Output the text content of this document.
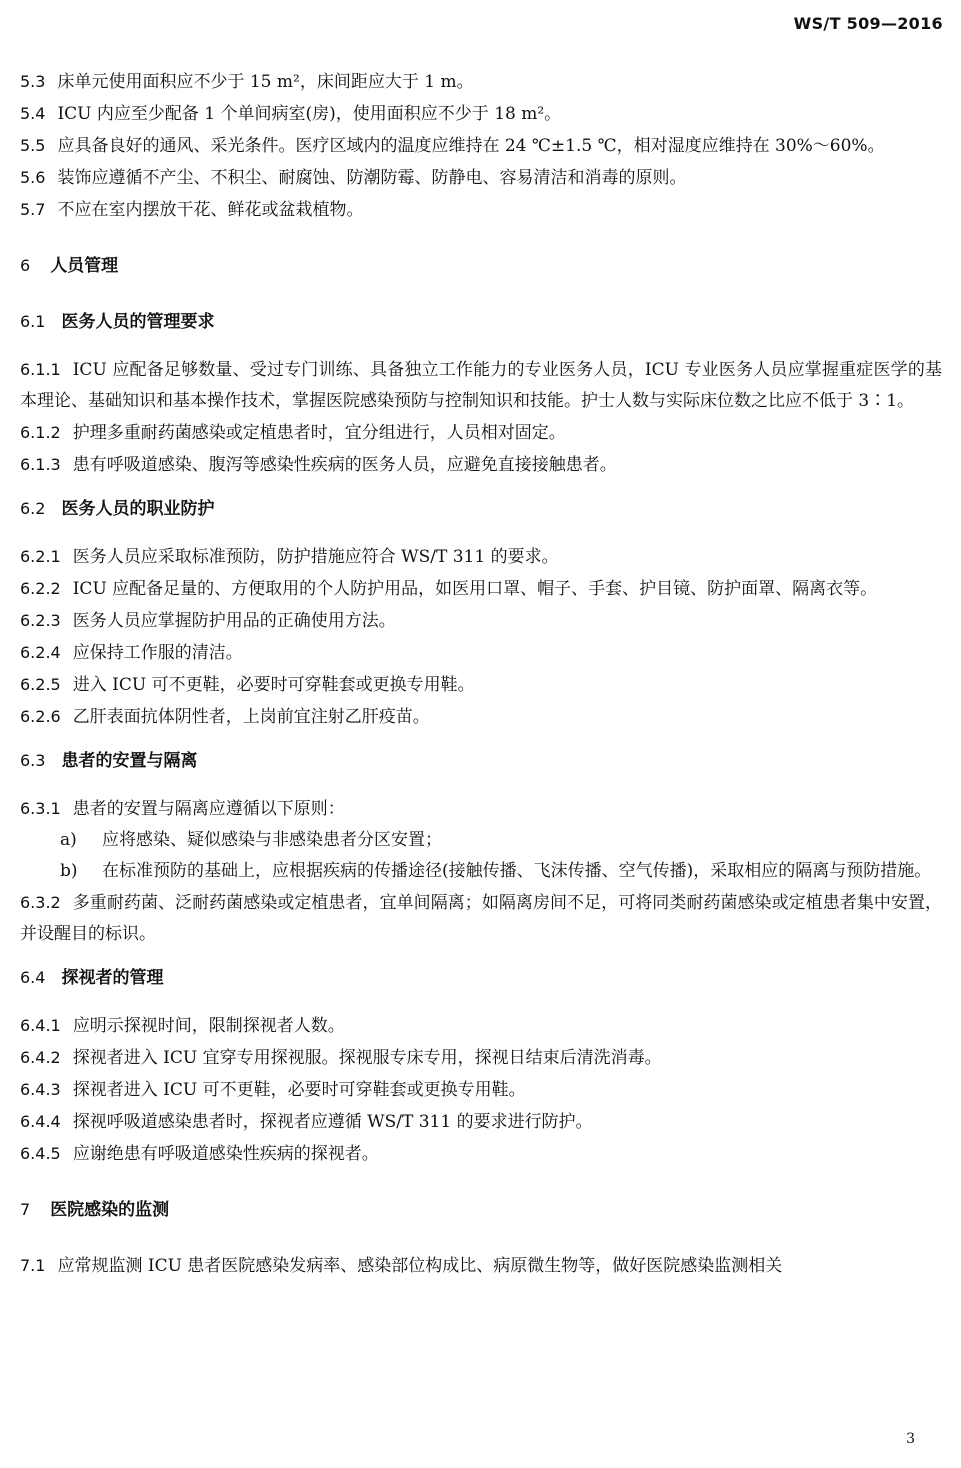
WS/T 509—2016

5.3 床单元使用面积应不少于 15 m²，床间距应大于 1 m。

5.4 ICU 内应至少配备 1 个单间病室(房)，使用面积应不少于 18 m²。

5.5 应具备良好的通风、采光条件。医疗区域内的温度应维持在 24 ℃±1.5 ℃，相对湿度应维持在 30%～60%。

5.6 装饰应遵循不产尘、不积尘、耐腐蚀、防潮防霉、防静电、容易清洁和消毒的原则。

5.7 不应在室内摆放干花、鲜花或盆栽植物。

6 人员管理

6.1 医务人员的管理要求

6.1.1 ICU 应配备足够数量、受过专门训练、具备独立工作能力的专业医务人员，ICU 专业医务人员应掌握重症医学的基本理论、基础知识和基本操作技术，掌握医院感染预防与控制知识和技能。护士人数与实际床位数之比应不低于 3∶1。

6.1.2 护理多重耐药菌感染或定植患者时，宜分组进行，人员相对固定。

6.1.3 患有呼吸道感染、腹泻等感染性疾病的医务人员，应避免直接接触患者。

6.2 医务人员的职业防护

6.2.1 医务人员应采取标准预防，防护措施应符合 WS/T 311 的要求。

6.2.2 ICU 应配备足量的、方便取用的个人防护用品，如医用口罩、帽子、手套、护目镜、防护面罩、隔离衣等。

6.2.3 医务人员应掌握防护用品的正确使用方法。

6.2.4 应保持工作服的清洁。

6.2.5 进入 ICU 可不更鞋，必要时可穿鞋套或更换专用鞋。

6.2.6 乙肝表面抗体阴性者，上岗前宜注射乙肝疫苗。

6.3 患者的安置与隔离

6.3.1 患者的安置与隔离应遵循以下原则：

a) 应将感染、疑似感染与非感染患者分区安置；

b) 在标准预防的基础上，应根据疾病的传播途径(接触传播、飞沫传播、空气传播)，采取相应的隔离与预防措施。

6.3.2 多重耐药菌、泛耐药菌感染或定植患者，宜单间隔离；如隔离房间不足，可将同类耐药菌感染或定植患者集中安置，并设醒目的标识。

6.4 探视者的管理

6.4.1 应明示探视时间，限制探视者人数。

6.4.2 探视者进入 ICU 宜穿专用探视服。探视服专床专用，探视日结束后清洗消毒。

6.4.3 探视者进入 ICU 可不更鞋，必要时可穿鞋套或更换专用鞋。

6.4.4 探视呼吸道感染患者时，探视者应遵循 WS/T 311 的要求进行防护。

6.4.5 应谢绝患有呼吸道感染性疾病的探视者。

7 医院感染的监测

7.1 应常规监测 ICU 患者医院感染发病率、感染部位构成比、病原微生物等，做好医院感染监测相关

3
